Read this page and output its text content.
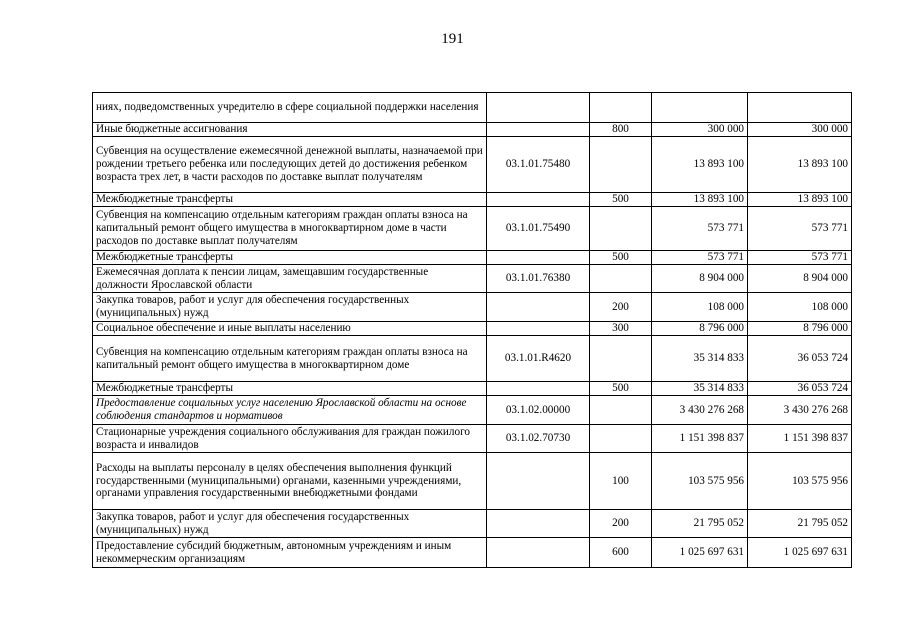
191
ниях, подведомственных учредителю в сфере социальной поддержки населения				
Иные бюджетные ассигнования		800	300 000	300 000
Субвенция на осуществление ежемесячной денежной выплаты, назначаемой при рождении третьего ребенка или последующих детей до достижения ребенком возраста трех лет, в части расходов по доставке выплат получателям	03.1.01.75480		13 893 100	13 893 100
Межбюджетные трансферты		500	13 893 100	13 893 100
Субвенция на компенсацию отдельным категориям граждан оплаты взноса на капитальный ремонт общего имущества в многоквартирном доме в части расходов по доставке выплат получателям	03.1.01.75490		573 771	573 771
Межбюджетные трансферты		500	573 771	573 771
Ежемесячная доплата к пенсии лицам, замещавшим государственные должности Ярославской области	03.1.01.76380		8 904 000	8 904 000
Закупка товаров, работ и услуг для обеспечения государственных (муниципальных) нужд		200	108 000	108 000
Социальное обеспечение и иные выплаты населению		300	8 796 000	8 796 000
Субвенция на компенсацию отдельным категориям граждан оплаты взноса на капитальный ремонт общего имущества в многоквартирном доме	03.1.01.R4620		35 314 833	36 053 724
Межбюджетные трансферты		500	35 314 833	36 053 724
Предоставление социальных услуг населению Ярославской области на основе соблюдения стандартов и нормативов	03.1.02.00000		3 430 276 268	3 430 276 268
Стационарные учреждения социального обслуживания для граждан пожилого возраста и инвалидов	03.1.02.70730		1 151 398 837	1 151 398 837
Расходы на выплаты персоналу в целях обеспечения выполнения функций государственными (муниципальными) органами, казенными учреждениями, органами управления государственными внебюджетными фондами		100	103 575 956	103 575 956
Закупка товаров, работ и услуг для обеспечения государственных (муниципальных) нужд		200	21 795 052	21 795 052
Предоставление субсидий бюджетным, автономным учреждениям и иным некоммерческим организациям		600	1 025 697 631	1 025 697 631
